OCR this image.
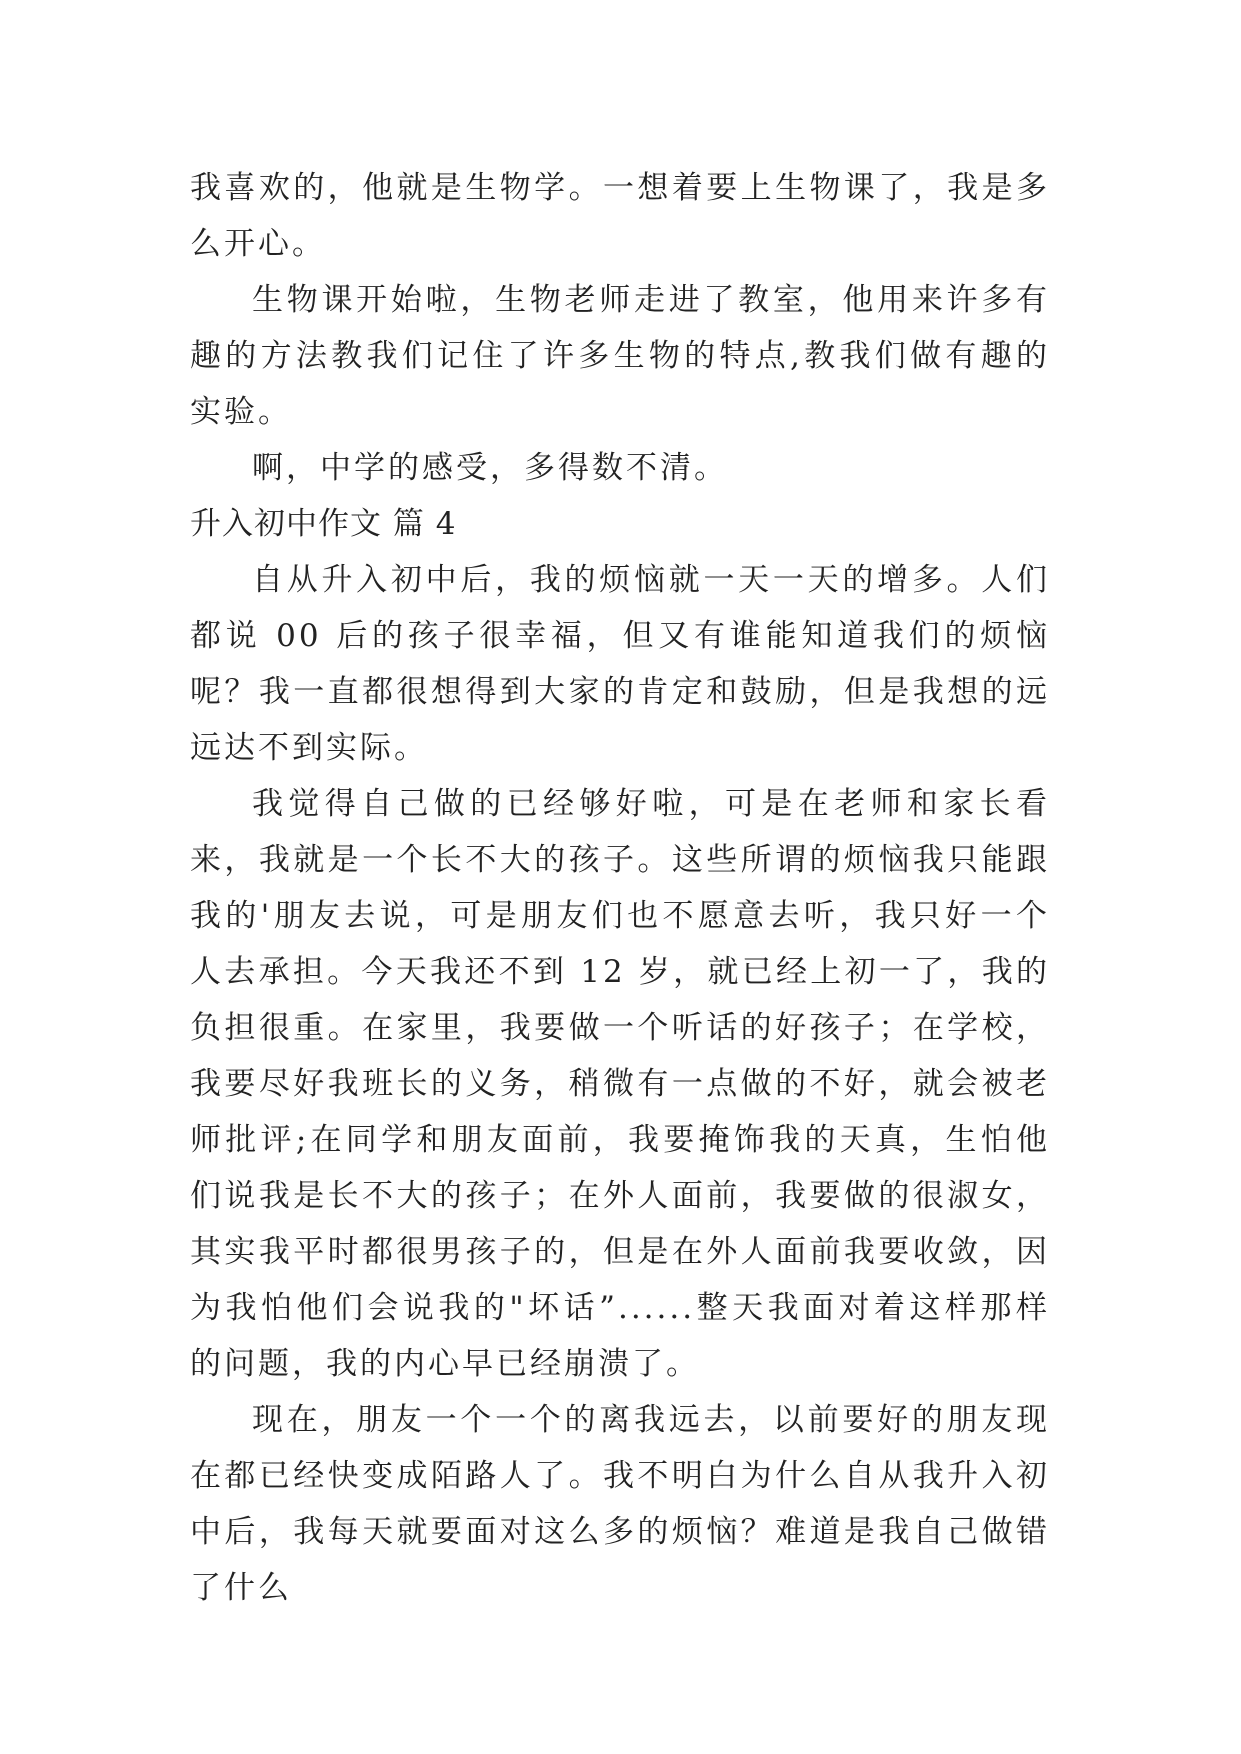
我喜欢的，他就是生物学。一想着要上生物课了，我是多么开心。

生物课开始啦，生物老师走进了教室，他用来许多有趣的方法教我们记住了许多生物的特点,教我们做有趣的实验。

啊，中学的感受，多得数不清。

升入初中作文 篇 4

自从升入初中后，我的烦恼就一天一天的增多。人们都说 00 后的孩子很幸福，但又有谁能知道我们的烦恼呢？我一直都很想得到大家的肯定和鼓励，但是我想的远远达不到实际。

我觉得自己做的已经够好啦，可是在老师和家长看来，我就是一个长不大的孩子。这些所谓的烦恼我只能跟我的'朋友去说，可是朋友们也不愿意去听，我只好一个人去承担。今天我还不到 12 岁，就已经上初一了，我的负担很重。在家里，我要做一个听话的好孩子；在学校，我要尽好我班长的义务，稍微有一点做的不好，就会被老师批评;在同学和朋友面前，我要掩饰我的天真，生怕他们说我是长不大的孩子；在外人面前，我要做的很淑女，其实我平时都很男孩子的，但是在外人面前我要收敛，因为我怕他们会说我的"坏话”......整天我面对着这样那样的问题，我的内心早已经崩溃了。

现在，朋友一个一个的离我远去，以前要好的朋友现在都已经快变成陌路人了。我不明白为什么自从我升入初中后，我每天就要面对这么多的烦恼？难道是我自己做错了什么
